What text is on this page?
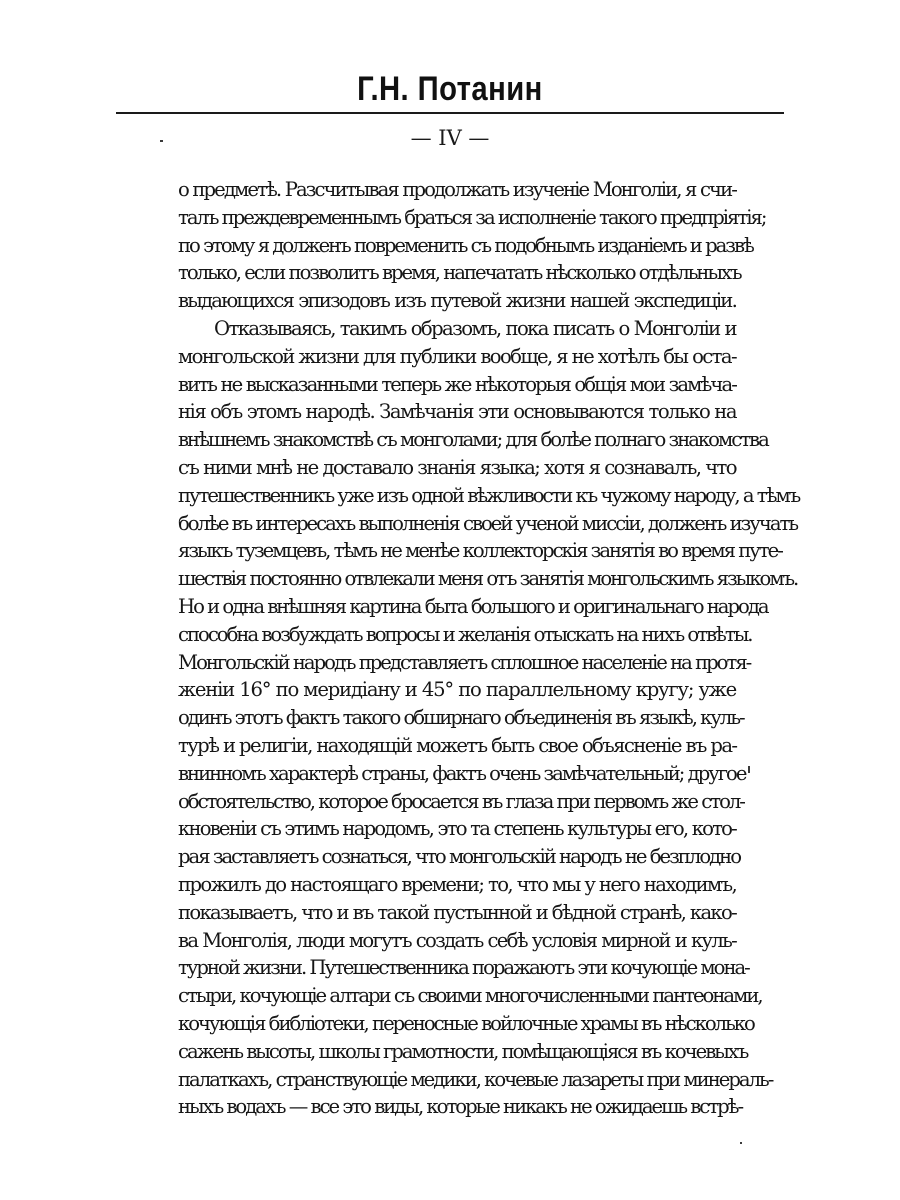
Г.Н. Потанин
— IV —
о предметѣ. Разсчитывая продолжать изученіе Монголіи, я счи-
талъ преждевременнымъ браться за исполненіе такого предпріятія;
по этому я долженъ повременить съ подобнымъ изданіемъ и развѣ
только, если позволитъ время, напечатать нѣсколько отдѣльныхъ
выдающихся эпизодовъ изъ путевой жизни нашей экспедиціи.
Отказываясь, такимъ образомъ, пока писать о Монголіи и
монгольской жизни для публики вообще, я не хотѣлъ бы оста-
вить не высказанными теперь же нѣкоторыя общія мои замѣча-
нія объ этомъ народѣ. Замѣчанія эти основываются только на
внѣшнемъ знакомствѣ съ монголами; для болѣе полнаго знакомства
съ ними мнѣ не доставало знанія языка; хотя я сознавалъ, что
путешественникъ уже изъ одной вѣжливости къ чужому народу, а тѣмъ
болѣе въ интересахъ выполненія своей ученой миссіи, долженъ изучать
языкъ туземцевъ, тѣмъ не менѣе коллекторскія занятія во время путе-
шествія постоянно отвлекали меня отъ занятія монгольскимъ языкомъ.
Но и одна внѣшняя картина быта большого и оригинальнаго народа
способна возбуждать вопросы и желанія отыскать на нихъ отвѣты.
Монгольскій народъ представляетъ сплошное населеніе на протя-
женіи 16° по меридіану и 45° по параллельному кругу; уже
одинъ этотъ фактъ такого обширнаго объединенія въ языкѣ, куль-
турѣ и религіи, находящій можетъ быть свое объясненіе въ ра-
внинномъ характерѣ страны, фактъ очень замѣчательный; другое
обстоятельство, которое бросается въ глаза при первомъ же стол-
кновеніи съ этимъ народомъ, это та степень культуры его, кото-
рая заставляетъ сознаться, что монгольскій народъ не безплодно
прожилъ до настоящаго времени; то, что мы у него находимъ,
показываетъ, что и въ такой пустынной и бѣдной странѣ, како-
ва Монголія, люди могутъ создать себѣ условія мирной и куль-
турной жизни. Путешественника поражаютъ эти кочующіе мона-
стыри, кочующіе алтари съ своими многочисленными пантеонами,
кочующія библіотеки, переносные войлочные храмы въ нѣсколько
сажень высоты, школы грамотности, помѣщающіяся въ кочевыхъ
палаткахъ, странствующіе медики, кочевые лазареты при минераль-
ныхъ водахъ — все это виды, которые никакъ не ожидаешь встрѣ-
